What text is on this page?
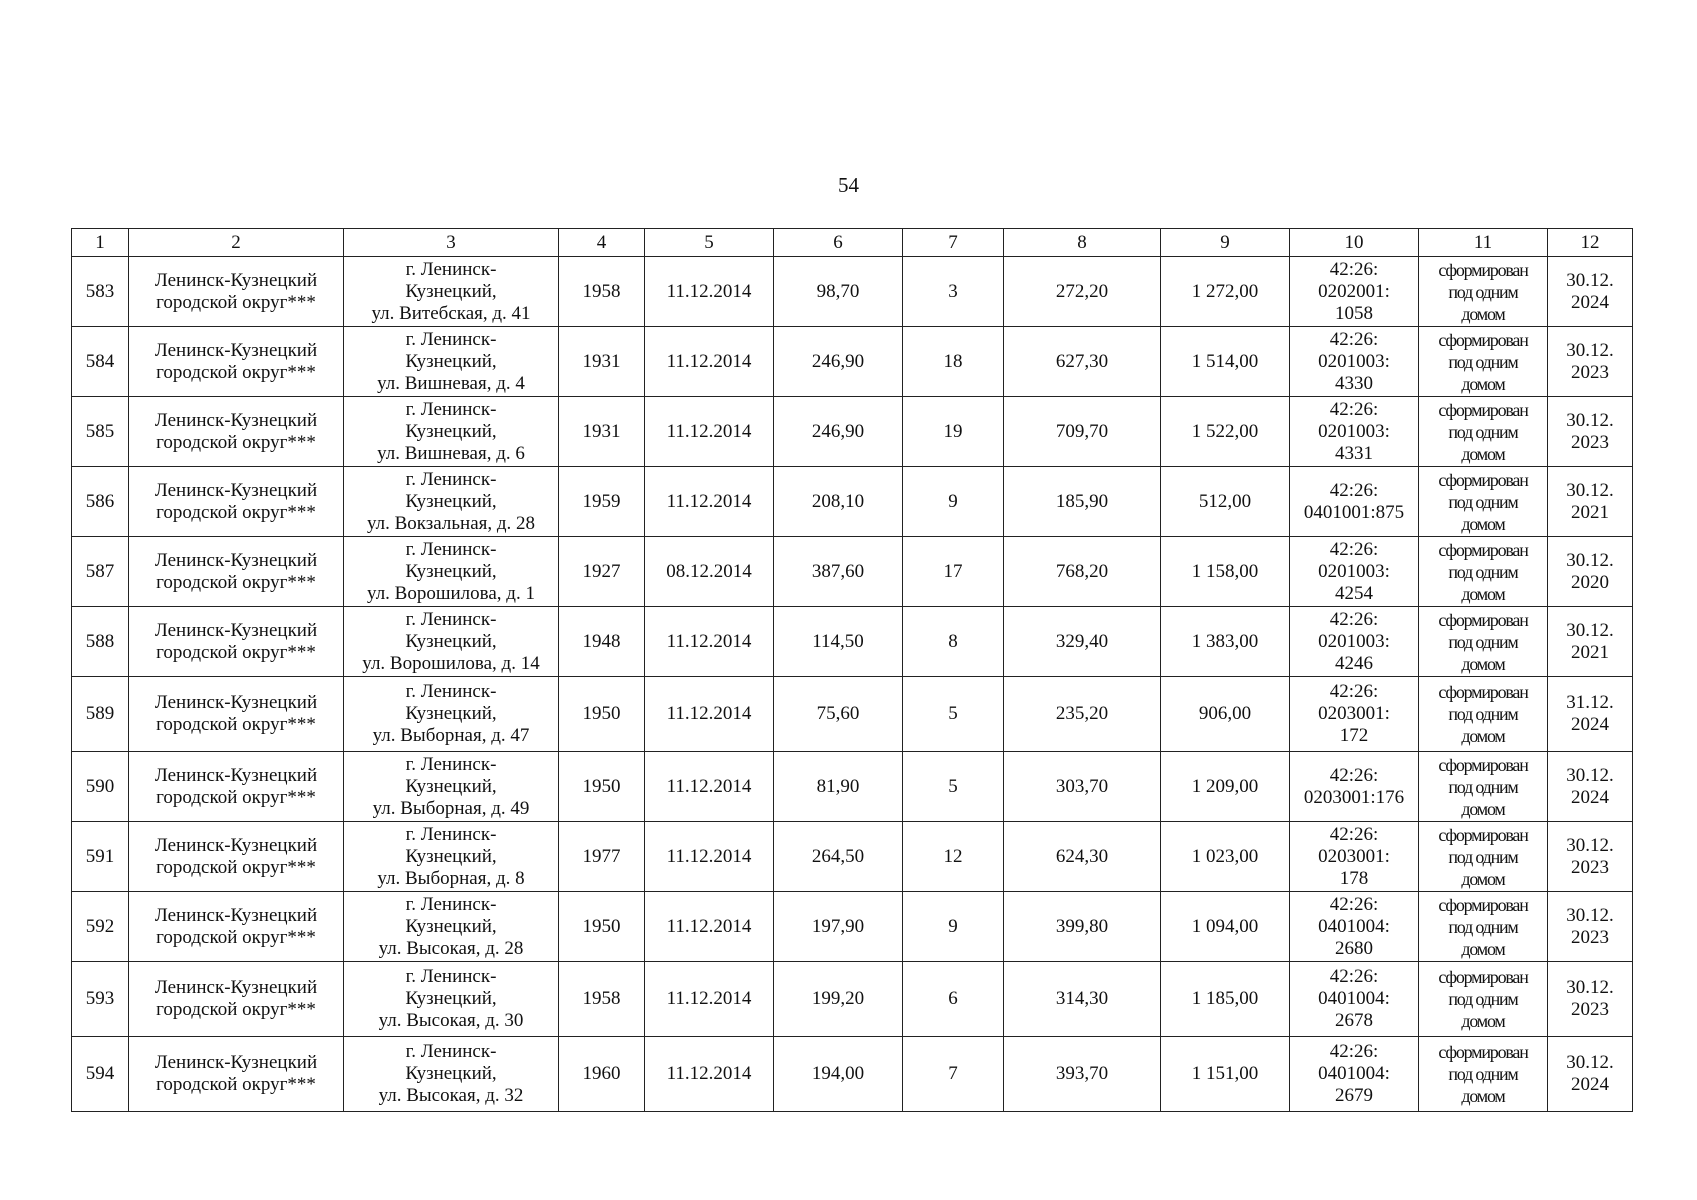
54
1	2	3	4	5	6	7	8	9	10	11	12
583	Ленинск-Кузнецкий городской округ***	г. Ленинск-
Кузнецкий,
ул. Витебская, д. 41	1958	11.12.2014	98,70	3	272,20	1 272,00	42:26:
0202001:
1058	сформирован
под одним
домом	30.12.
2024
584	Ленинск-Кузнецкий городской округ***	г. Ленинск-
Кузнецкий,
ул. Вишневая, д. 4	1931	11.12.2014	246,90	18	627,30	1 514,00	42:26:
0201003:
4330	сформирован
под одним
домом	30.12.
2023
585	Ленинск-Кузнецкий городской округ***	г. Ленинск-
Кузнецкий,
ул. Вишневая, д. 6	1931	11.12.2014	246,90	19	709,70	1 522,00	42:26:
0201003:
4331	сформирован
под одним
домом	30.12.
2023
586	Ленинск-Кузнецкий городской округ***	г. Ленинск-
Кузнецкий,
ул. Вокзальная, д. 28	1959	11.12.2014	208,10	9	185,90	512,00	42:26:
0401001:875	сформирован
под одним
домом	30.12.
2021
587	Ленинск-Кузнецкий городской округ***	г. Ленинск-
Кузнецкий,
ул. Ворошилова, д. 1	1927	08.12.2014	387,60	17	768,20	1 158,00	42:26:
0201003:
4254	сформирован
под одним
домом	30.12.
2020
588	Ленинск-Кузнецкий городской округ***	г. Ленинск-
Кузнецкий,
ул. Ворошилова, д. 14	1948	11.12.2014	114,50	8	329,40	1 383,00	42:26:
0201003:
4246	сформирован
под одним
домом	30.12.
2021
589	Ленинск-Кузнецкий городской округ***	г. Ленинск-
Кузнецкий,
ул. Выборная, д. 47	1950	11.12.2014	75,60	5	235,20	906,00	42:26:
0203001:
172	сформирован
под одним
домом	31.12.
2024
590	Ленинск-Кузнецкий городской округ***	г. Ленинск-
Кузнецкий,
ул. Выборная, д. 49	1950	11.12.2014	81,90	5	303,70	1 209,00	42:26:
0203001:176	сформирован
под одним
домом	30.12.
2024
591	Ленинск-Кузнецкий городской округ***	г. Ленинск-
Кузнецкий,
ул. Выборная, д. 8	1977	11.12.2014	264,50	12	624,30	1 023,00	42:26:
0203001:
178	сформирован
под одним
домом	30.12.
2023
592	Ленинск-Кузнецкий городской округ***	г. Ленинск-
Кузнецкий,
ул. Высокая, д. 28	1950	11.12.2014	197,90	9	399,80	1 094,00	42:26:
0401004:
2680	сформирован
под одним
домом	30.12.
2023
593	Ленинск-Кузнецкий городской округ***	г. Ленинск-
Кузнецкий,
ул. Высокая, д. 30	1958	11.12.2014	199,20	6	314,30	1 185,00	42:26:
0401004:
2678	сформирован
под одним
домом	30.12.
2023
594	Ленинск-Кузнецкий городской округ***	г. Ленинск-
Кузнецкий,
ул. Высокая, д. 32	1960	11.12.2014	194,00	7	393,70	1 151,00	42:26:
0401004:
2679	сформирован
под одним
домом	30.12.
2024
